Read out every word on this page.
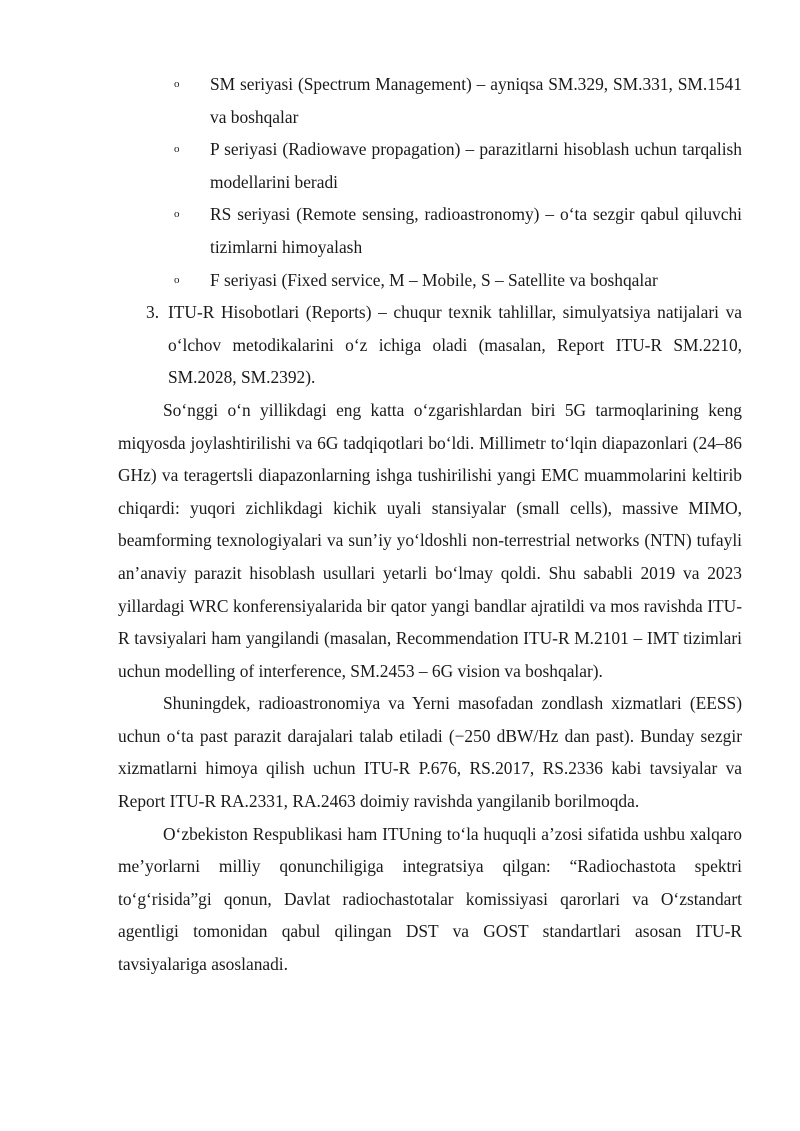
o SM seriyasi (Spectrum Management) – ayniqsa SM.329, SM.331, SM.1541 va boshqalar
o P seriyasi (Radiowave propagation) – parazitlarni hisoblash uchun tarqalish modellarini beradi
o RS seriyasi (Remote sensing, radioastronomy) – o‘ta sezgir qabul qiluvchi tizimlarni himoyalash
o F seriyasi (Fixed service, M – Mobile, S – Satellite va boshqalar
3. ITU-R Hisobotlari (Reports) – chuqur texnik tahlillar, simulyatsiya natijalari va o‘lchov metodikalarini o‘z ichiga oladi (masalan, Report ITU-R SM.2210, SM.2028, SM.2392).

So‘nggi o‘n yillikdagi eng katta o‘zgarishlardan biri 5G tarmoqlarining keng miqyosda joylashtirilishi va 6G tadqiqotlari bo‘ldi. Millimetr to‘lqin diapazonlari (24–86 GHz) va teragertsli diapazonlarning ishga tushirilishi yangi EMC muammolarini keltirib chiqardi: yuqori zichlikdagi kichik uyali stansiyalar (small cells), massive MIMO, beamforming texnologiyalari va sun’iy yo‘ldoshli non-terrestrial networks (NTN) tufayli an’anaviy parazit hisoblash usullari yetarli bo‘lmay qoldi. Shu sababli 2019 va 2023 yillardagi WRC konferensiyalarida bir qator yangi bandlar ajratildi va mos ravishda ITU-R tavsiyalari ham yangilandi (masalan, Recommendation ITU-R M.2101 – IMT tizimlari uchun modelling of interference, SM.2453 – 6G vision va boshqalar).

Shuningdek, radioastronomiya va Yerni masofadan zondlash xizmatlari (EESS) uchun o‘ta past parazit darajalari talab etiladi (−250 dBW/Hz dan past). Bunday sezgir xizmatlarni himoya qilish uchun ITU-R P.676, RS.2017, RS.2336 kabi tavsiyalar va Report ITU-R RA.2331, RA.2463 doimiy ravishda yangilanib borilmoqda.

O‘zbekiston Respublikasi ham ITUning to‘la huquqli a’zosi sifatida ushbu xalqaro me’yorlarni milliy qonunchiligiga integratsiya qilgan: “Radiochastota spektri to‘g‘risida”gi qonun, Davlat radiochastotalar komissiyasi qarorlari va O‘zstandart agentligi tomonidan qabul qilingan DST va GOST standartlari asosan ITU-R tavsiyalariga asoslanadi.
